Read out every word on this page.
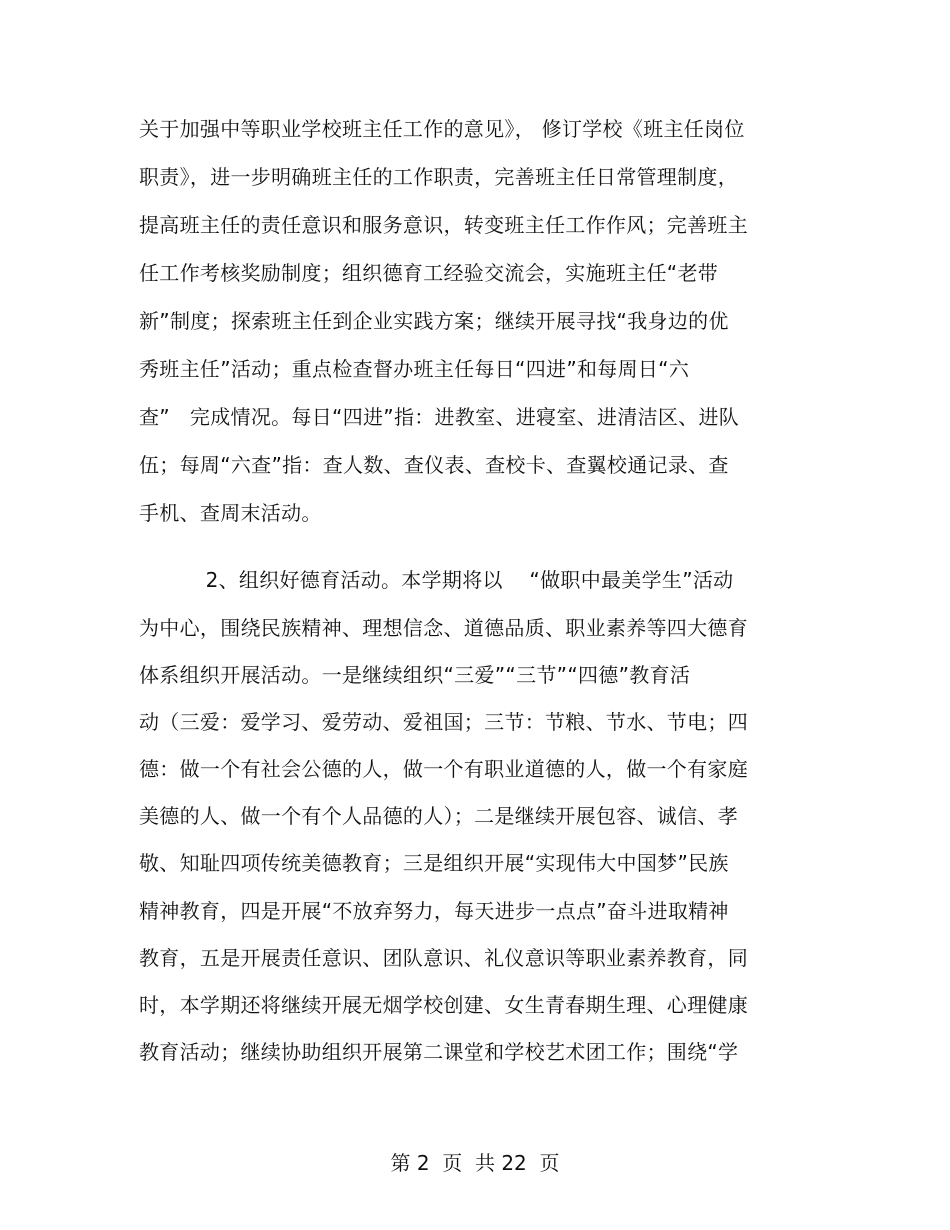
关于加强中等职业学校班主任工作的意见》， 修订学校《班主任岗位
职责》，进一步明确班主任的工作职责，完善班主任日常管理制度，
提高班主任的责任意识和服务意识，转变班主任工作作风；完善班主
任工作考核奖励制度；组织德育工经验交流会，实施班主任“老带
新”制度；探索班主任到企业实践方案；继续开展寻找“我身边的优
秀班主任”活动；重点检查督办班主任每日“四进”和每周日“六
查”   完成情况。每日“四进”指：进教室、进寝室、进清洁区、进队
伍；每周“六查”指：查人数、查仪表、查校卡、查翼校通记录、查
手机、查周末活动。
2、组织好德育活动。本学期将以    “做职中最美学生”活动
为中心，围绕民族精神、理想信念、道德品质、职业素养等四大德育
体系组织开展活动。一是继续组织“三爱”“三节”“四德”教育活
动（三爱：爱学习、爱劳动、爱祖国；三节：节粮、节水、节电；四
德：做一个有社会公德的人，做一个有职业道德的人，做一个有家庭
美德的人、做一个有个人品德的人）；二是继续开展包容、诚信、孝
敬、知耻四项传统美德教育；三是组织开展“实现伟大中国梦”民族
精神教育，四是开展“不放弃努力，每天进步一点点”奋斗进取精神
教育，五是开展责任意识、团队意识、礼仪意识等职业素养教育，同
时，本学期还将继续开展无烟学校创建、女生青春期生理、心理健康
教育活动；继续协助组织开展第二课堂和学校艺术团工作；围绕“学
第 2  页  共 22  页
